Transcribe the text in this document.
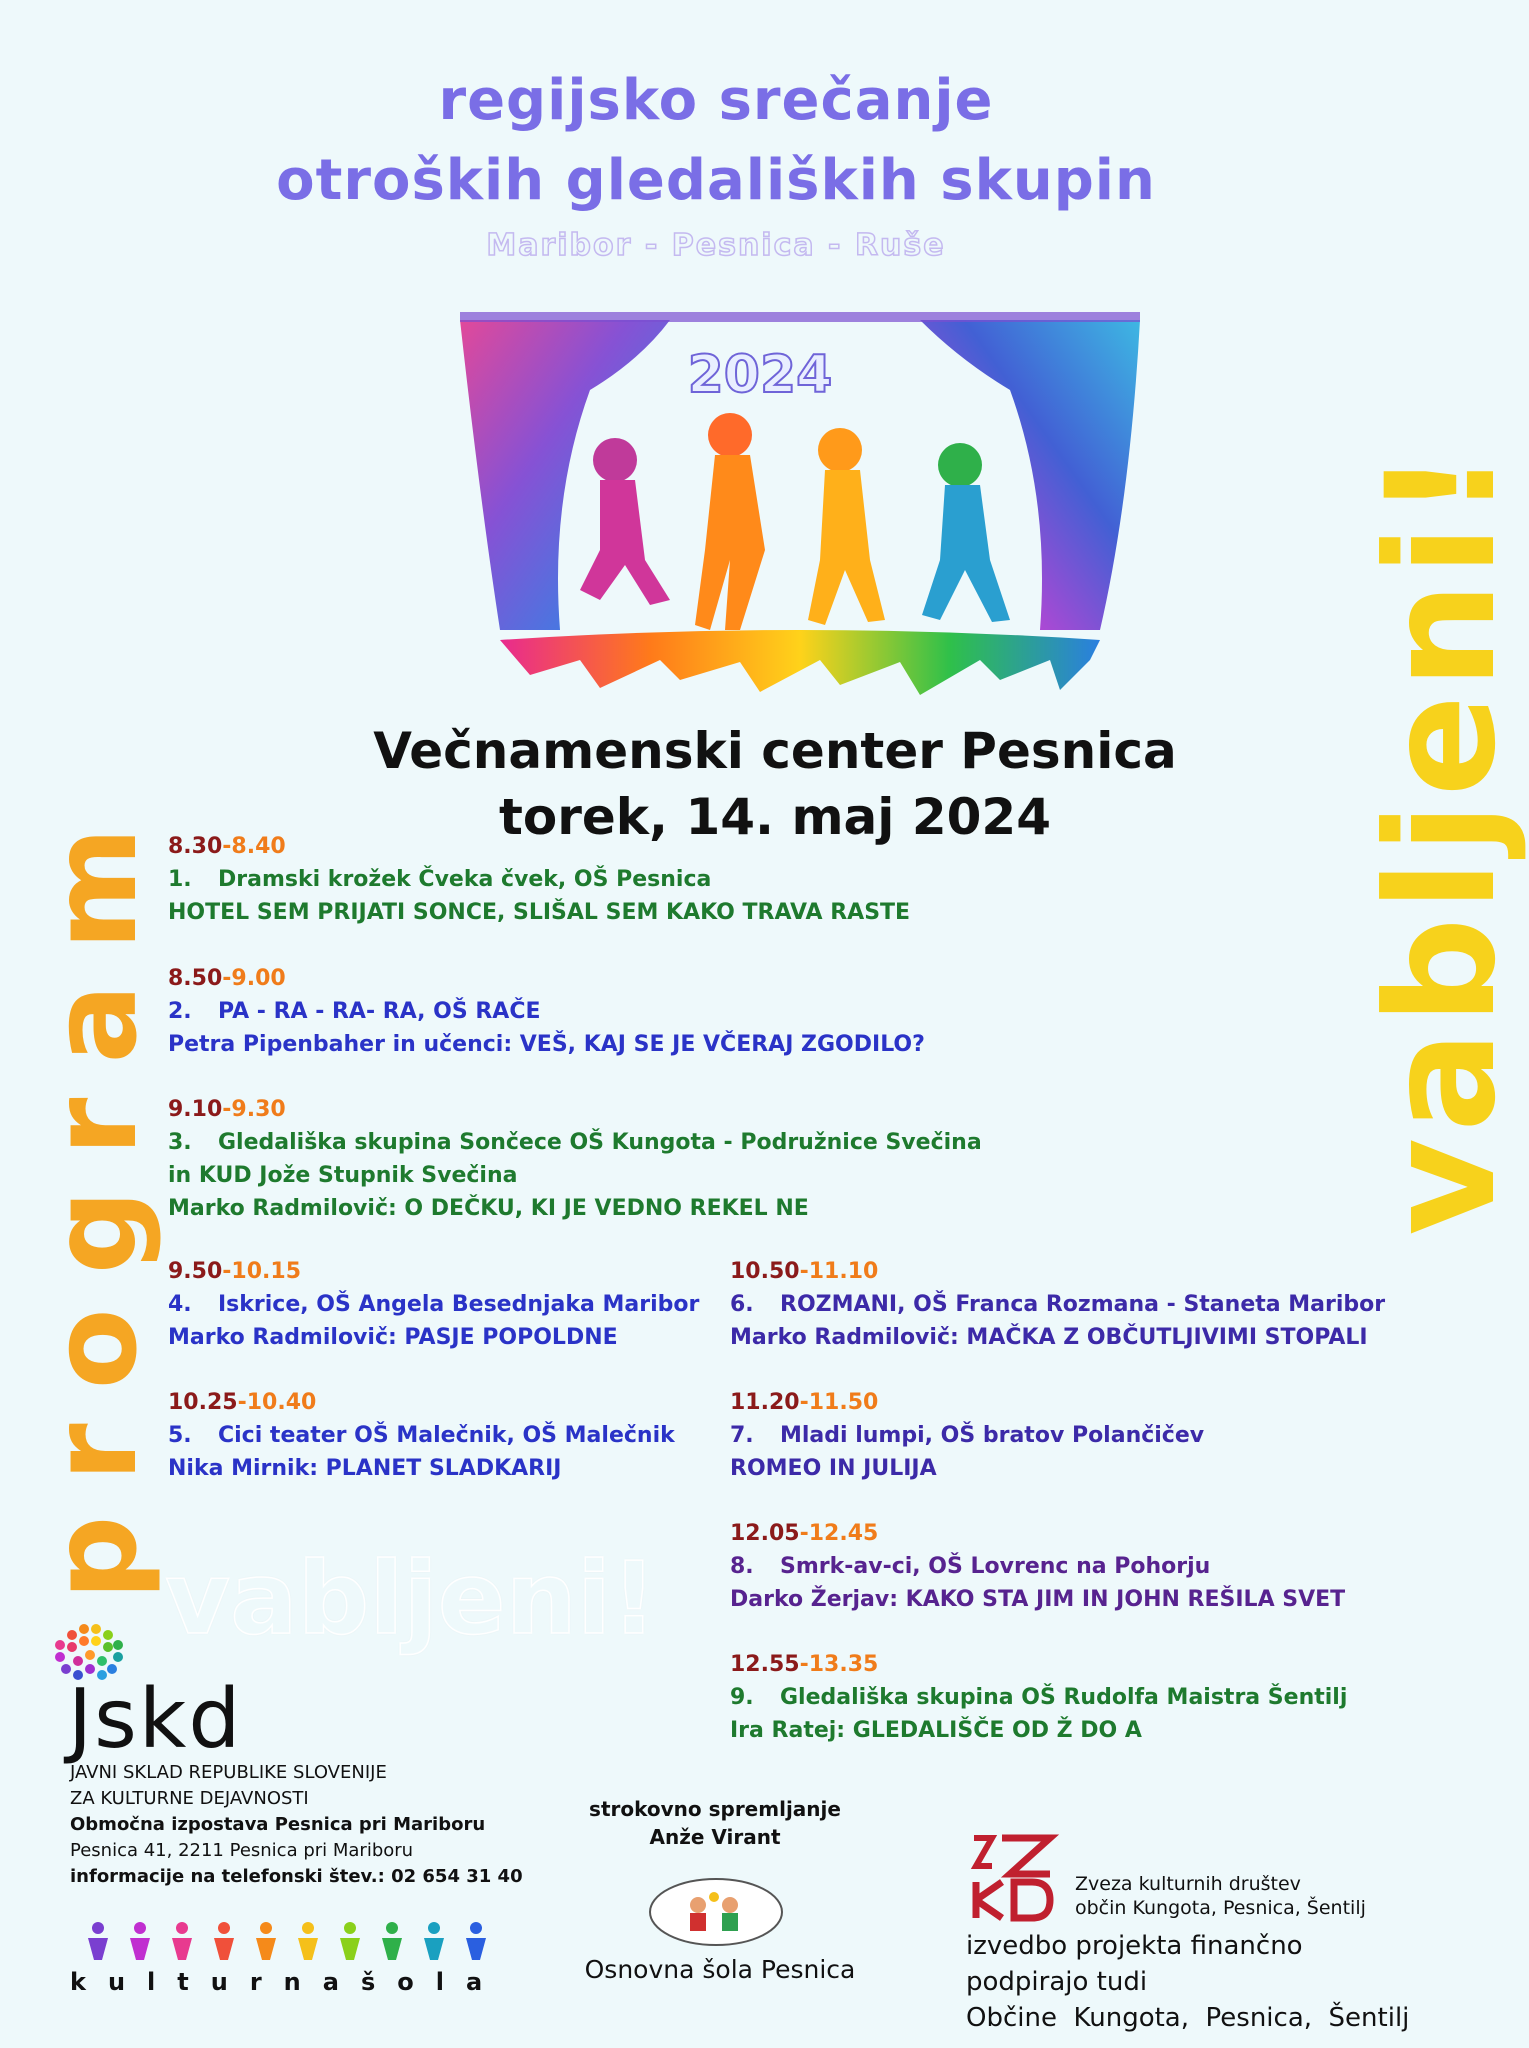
regijsko srečanje
otroških gledaliških skupin
Maribor - Pesnica - Ruše
2024
Večnamenski center Pesnica
torek, 14. maj 2024
program	vabljeni!
vabljeni!
8.30-8.40
1. Dramski krožek Čveka čvek, OŠ Pesnica
HOTEL SEM PRIJATI SONCE, SLIŠAL SEM KAKO TRAVA RASTE
8.50-9.00
2. PA - RA - RA- RA, OŠ RAČE
Petra Pipenbaher in učenci: VEŠ, KAJ SE JE VČERAJ ZGODILO?
9.10-9.30
3. Gledališka skupina Sončece OŠ Kungota - Podružnice Svečina
in KUD Jože Stupnik Svečina
Marko Radmilovič: O DEČKU, KI JE VEDNO REKEL NE
9.50-10.15
4. Iskrice, OŠ Angela Besednjaka Maribor
Marko Radmilovič: PASJE POPOLDNE
10.25-10.40
5. Cici teater OŠ Malečnik, OŠ Malečnik
Nika Mirnik: PLANET SLADKARIJ
10.50-11.10
6. ROZMANI, OŠ Franca Rozmana - Staneta Maribor
Marko Radmilovič: MAČKA Z OBČUTLJIVIMI STOPALI
11.20-11.50
7. Mladi lumpi, OŠ bratov Polančičev
ROMEO IN JULIJA
12.05-12.45
8. Smrk-av-ci, OŠ Lovrenc na Pohorju
Darko Žerjav: KAKO STA JIM IN JOHN REŠILA SVET
12.55-13.35
9. Gledališka skupina OŠ Rudolfa Maistra Šentilj
Ira Ratej: GLEDALIŠČE OD Ž DO A
Jskd
JAVNI SKLAD REPUBLIKE SLOVENIJE
ZA KULTURNE DEJAVNOSTI
Območna izpostava Pesnica pri Mariboru
Pesnica 41, 2211 Pesnica pri Mariboru
informacije na telefonski štev.: 02 654 31 40
kulturnašola
strokovno spremljanje
Anže Virant
Osnovna šola Pesnica
Zveza kulturnih društev
občin Kungota, Pesnica, Šentilj
izvedbo projekta finančno podpirajo tudi
Občine  Kungota,  Pesnica,  Šentilj
